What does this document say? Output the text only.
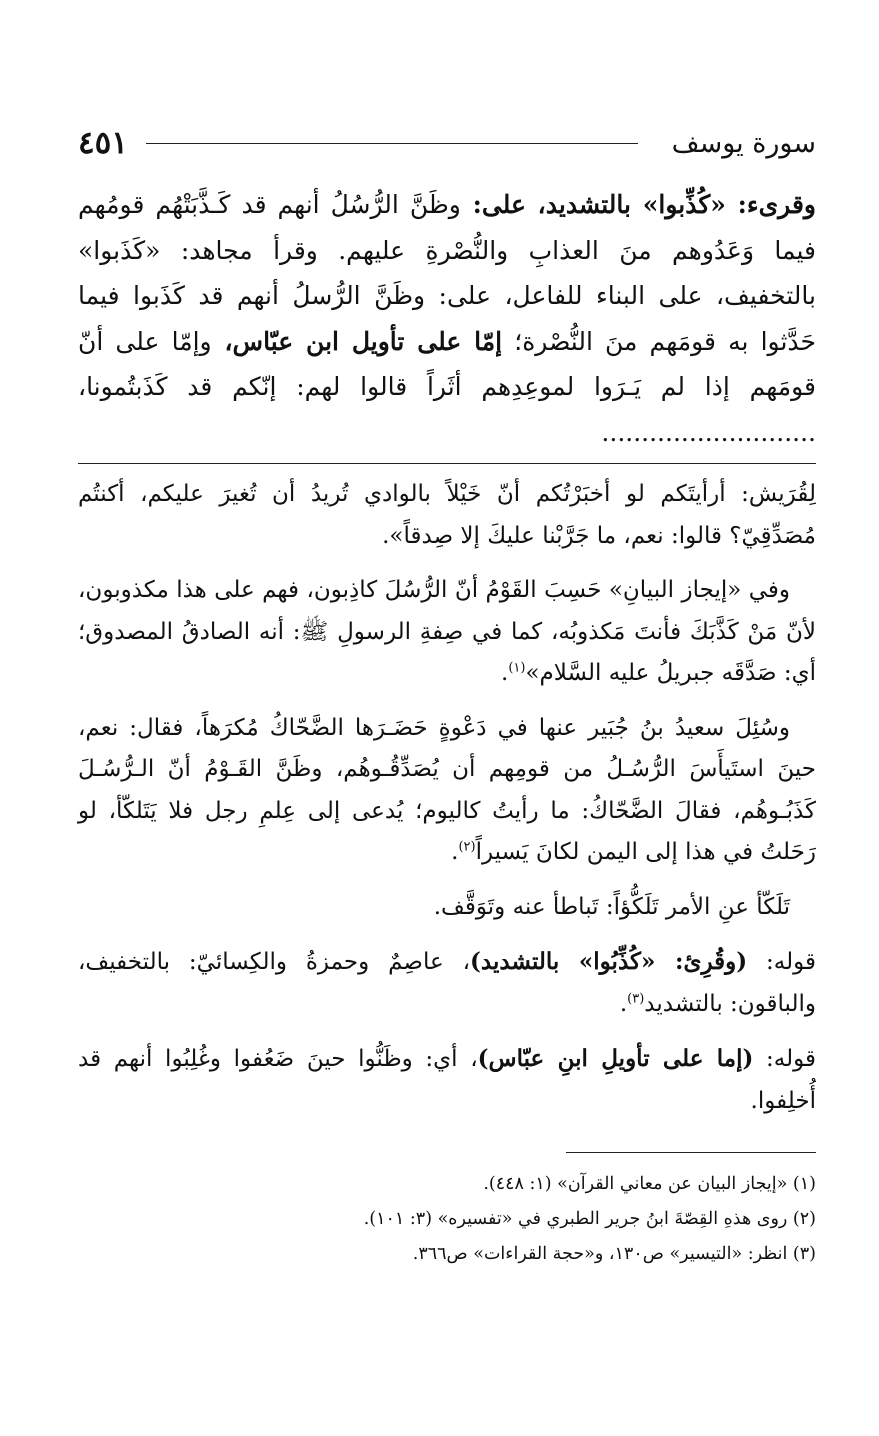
سورة يوسف
٤٥١
وقرىء: «كُذِّبوا» بالتشديد، على: وظَنَّ الرُّسُلُ أنهم قد كَـذَّبَتْهُم قومُهم فيما وَعَدُوهم منَ العذابِ والنُّصْرةِ عليهم. وقرأ مجاهد: «كَذَبوا» بالتخفيف، على البناء للفاعل، على: وظَنَّ الرُّسلُ أنهم قد كَذَبوا فيما حَدَّثوا به قومَهم منَ النُّصْرة؛ إمّا على تأويل ابن عبّاس، وإمّا على أنّ قومَهم إذا لم يَـرَوا لموعِدِهم أثَراً قالوا لهم: إنّكم قد كَذَبتُمونا، ...........................

لِقُرَيش: أرأيتَكم لو أخبَرْتُكم أنّ خَيْلاً بالوادي تُريدُ أن تُغيرَ عليكم، أكنتُم مُصَدِّقِيّ؟ قالوا: نعم، ما جَرَّبْنا عليكَ إلا صِدقاً».

وفي «إيجاز البيانِ» حَسِبَ القَوْمُ أنّ الرُّسُلَ كاذِبون، فهم على هذا مكذوبون، لأنّ مَنْ كَذَّبَكَ فأنتَ مَكذوبُه، كما في صِفةِ الرسولِ ﷺ: أنه الصادقُ المصدوق؛ أي: صَدَّقَه جبريلُ عليه السَّلام»$^{(١)}$.

وسُئِلَ سعيدُ بنُ جُبَير عنها في دَعْوةٍ حَضَـرَها الضَّحّاكُ مُكرَهاً، فقال: نعم، حينَ استَيأَسَ الرُّسُـلُ من قومِهم أن يُصَدِّقُـوهُم، وظَنَّ القَـوْمُ أنّ الـرُّسُـلَ كَذَبُـوهُم، فقالَ الضَّحّاكُ: ما رأيتُ كاليوم؛ يُدعى إلى عِلمِ رجل فلا يَتَلكّأ، لو رَحَلتُ في هذا إلى اليمن لكانَ يَسيراً$^{(٢)}$.

تَلَكّأ عنِ الأمر تَلَكُّؤاً: تَباطأ عنه وتَوَقَّف.

قوله: (وقُرِئ: «كُذِّبُوا» بالتشديد)، عاصِمٌ وحمزةُ والكِسائيّ: بالتخفيف، والباقون: بالتشديد$^{(٣)}$.

قوله: (إما على تأويلِ ابنِ عبّاس)، أي: وظَنُّوا حينَ ضَعُفوا وغُلِبُوا أنهم قد أُخلِفوا.

(١) «إيجاز البيان عن معاني القرآن» (١: ٤٤٨).
(٢) روى هذهِ القِصّةَ ابنُ جرير الطبري في «تفسيره» (٣: ١٠١).
(٣) انظر: «التيسير» ص١٣٠، و«حجة القراءات» ص٣٦٦.
